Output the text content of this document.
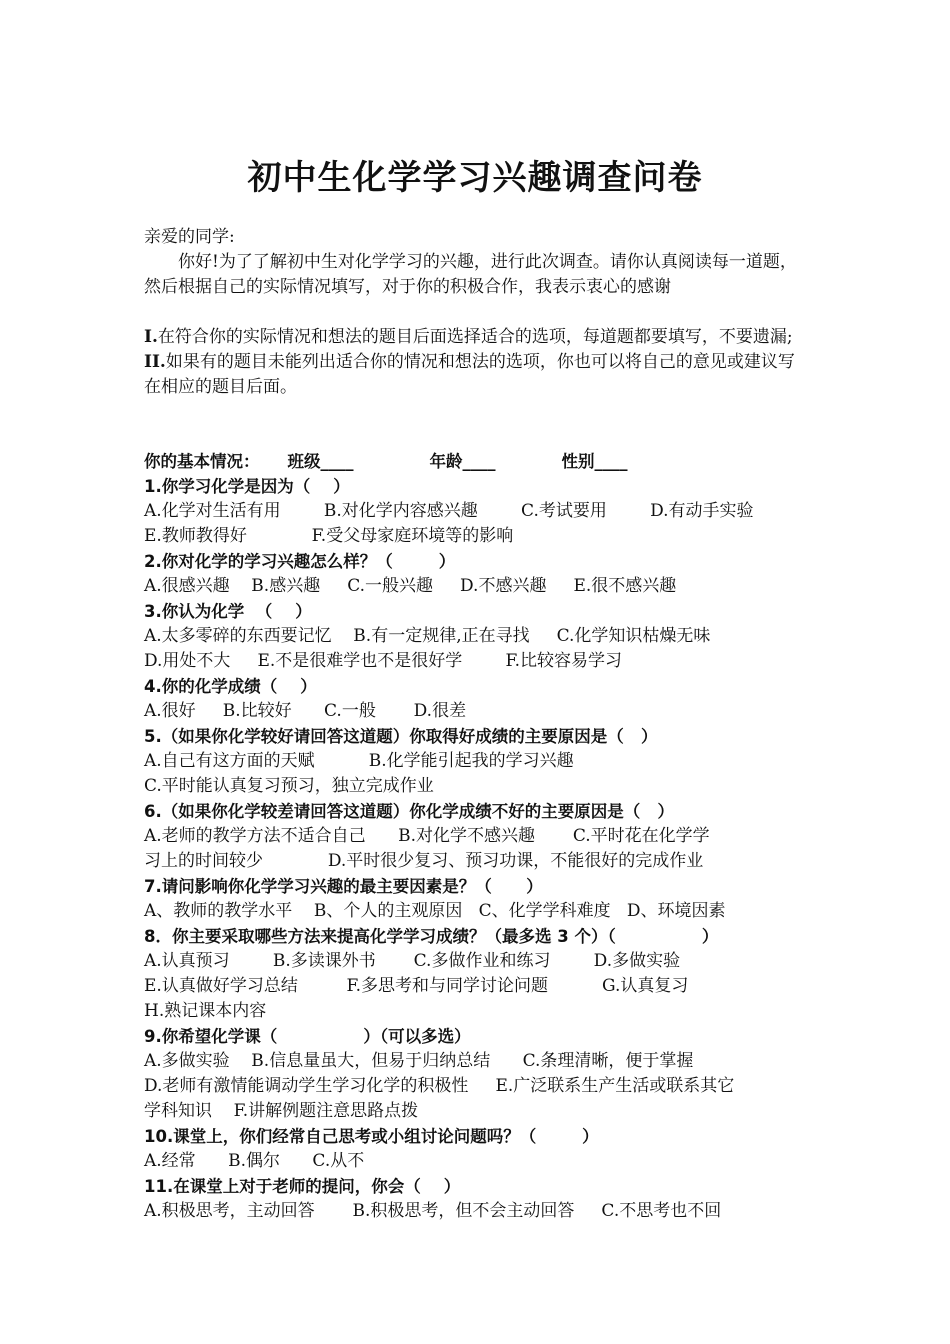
初中生化学学习兴趣调查问卷
亲爱的同学:
你好!为了了解初中生对化学学习的兴趣，进行此次调查。请你认真阅读每一道题，然后根据自己的实际情况填写，对于你的积极合作，我表示衷心的感谢
I.在符合你的实际情况和想法的题目后面选择适合的选项，每道题都要填写，不要遗漏;
II.如果有的题目未能列出适合你的情况和想法的选项，你也可以将自己的意见或建议写在相应的题目后面。
你的基本情况： 班级____	年龄____	性别____
1.你学习化学是因为（    ）
A.化学对生活有用        B.对化学内容感兴趣        C.考试要用        D.有动手实验
E.教师教得好            F.受父母家庭环境等的影响
2.你对化学的学习兴趣怎么样？（        ）
A.很感兴趣    B.感兴趣     C.一般兴趣     D.不感兴趣     E.很不感兴趣
3.你认为化学  （    ）
A.太多零碎的东西要记忆    B.有一定规律,正在寻找     C.化学知识枯燥无味
D.用处不大     E.不是很难学也不是很好学        F.比较容易学习
4.你的化学成绩（    ）
A.很好     B.比较好      C.一般       D.很差
5.（如果你化学较好请回答这道题）你取得好成绩的主要原因是（   ）
A.自己有这方面的天赋          B.化学能引起我的学习兴趣
C.平时能认真复习预习，独立完成作业
6.（如果你化学较差请回答这道题）你化学成绩不好的主要原因是（   ）
A.老师的教学方法不适合自己      B.对化学不感兴趣       C.平时花在化学学
习上的时间较少            D.平时很少复习、预习功课，不能很好的完成作业
7.请问影响你化学学习兴趣的最主要因素是？（      ）
A、教师的教学水平    B、个人的主观原因   C、化学学科难度   D、环境因素
8．你主要采取哪些方法来提高化学学习成绩？（最多选 3 个）（               ）
A.认真预习        B.多读课外书       C.多做作业和练习        D.多做实验
E.认真做好学习总结         F.多思考和与同学讨论问题          G.认真复习
H.熟记课本内容
9.你希望化学课（               ）（可以多选）
A.多做实验    B.信息量虽大，但易于归纳总结      C.条理清晰，便于掌握
D.老师有激情能调动学生学习化学的积极性     E.广泛联系生产生活或联系其它
学科知识    F.讲解例题注意思路点拨
10.课堂上，你们经常自己思考或小组讨论问题吗？（        ）
A.经常      B.偶尔      C.从不
11.在课堂上对于老师的提问，你会（    ）
A.积极思考，主动回答       B.积极思考，但不会主动回答     C.不思考也不回
